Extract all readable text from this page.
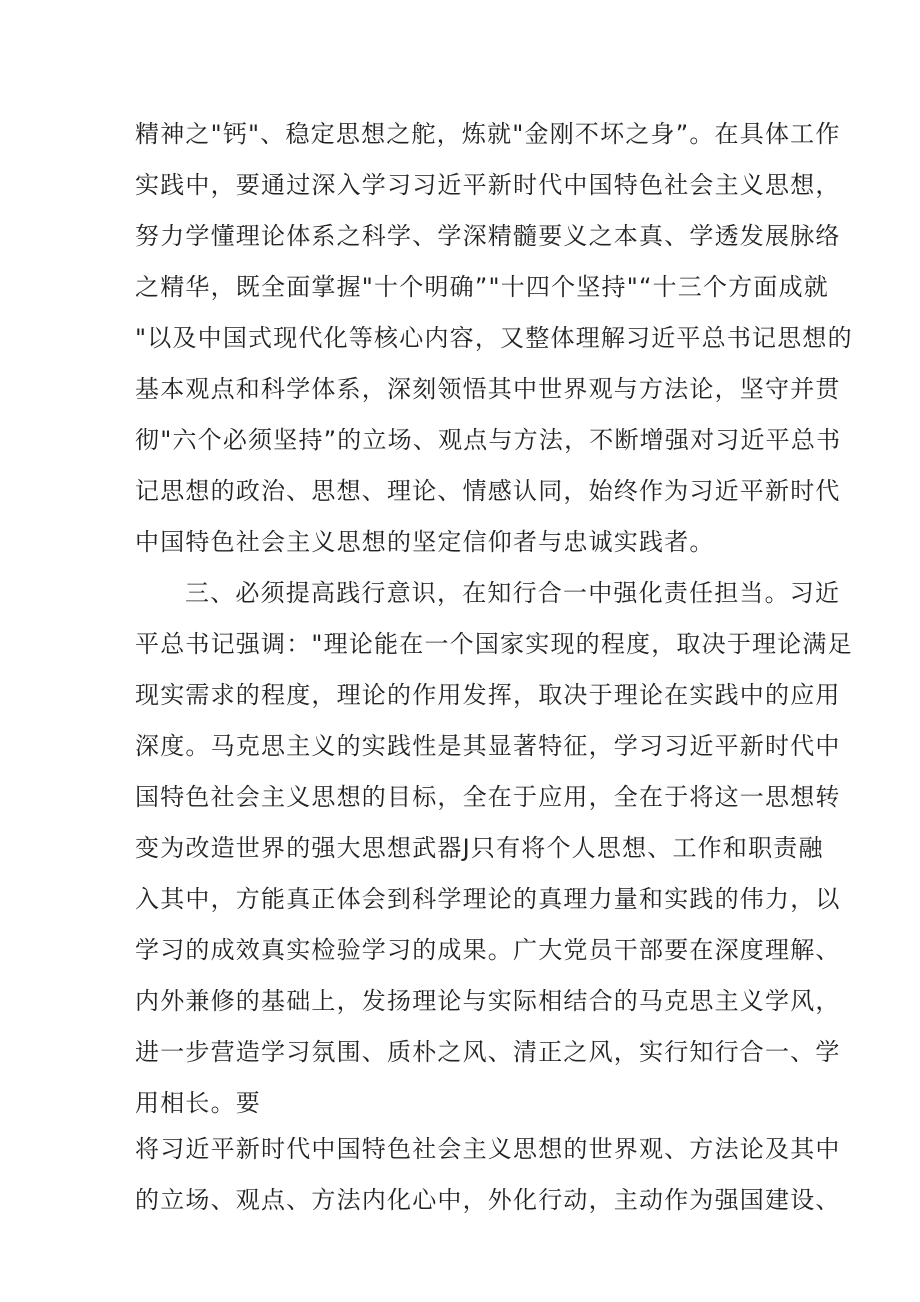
精神之"钙"、稳定思想之舵，炼就"金刚不坏之身”。在具体工作
实践中，要通过深入学习习近平新时代中国特色社会主义思想，
努力学懂理论体系之科学、学深精髓要义之本真、学透发展脉络
之精华，既全面掌握"十个明确”"十四个坚持"“十三个方面成就
"以及中国式现代化等核心内容，又整体理解习近平总书记思想的
基本观点和科学体系，深刻领悟其中世界观与方法论，坚守并贯
彻"六个必须坚持”的立场、观点与方法，不断增强对习近平总书
记思想的政治、思想、理论、情感认同，始终作为习近平新时代
中国特色社会主义思想的坚定信仰者与忠诚实践者。
三、必须提高践行意识，在知行合一中强化责任担当。习近
平总书记强调："理论能在一个国家实现的程度，取决于理论满足
现实需求的程度，理论的作用发挥，取决于理论在实践中的应用
深度。马克思主义的实践性是其显著特征，学习习近平新时代中
国特色社会主义思想的目标，全在于应用，全在于将这一思想转
变为改造世界的强大思想武器J只有将个人思想、工作和职责融
入其中，方能真正体会到科学理论的真理力量和实践的伟力，以
学习的成效真实检验学习的成果。广大党员干部要在深度理解、
内外兼修的基础上，发扬理论与实际相结合的马克思主义学风，
进一步营造学习氛围、质朴之风、清正之风，实行知行合一、学
用相长。要
将习近平新时代中国特色社会主义思想的世界观、方法论及其中
的立场、观点、方法内化心中，外化行动，主动作为强国建设、
